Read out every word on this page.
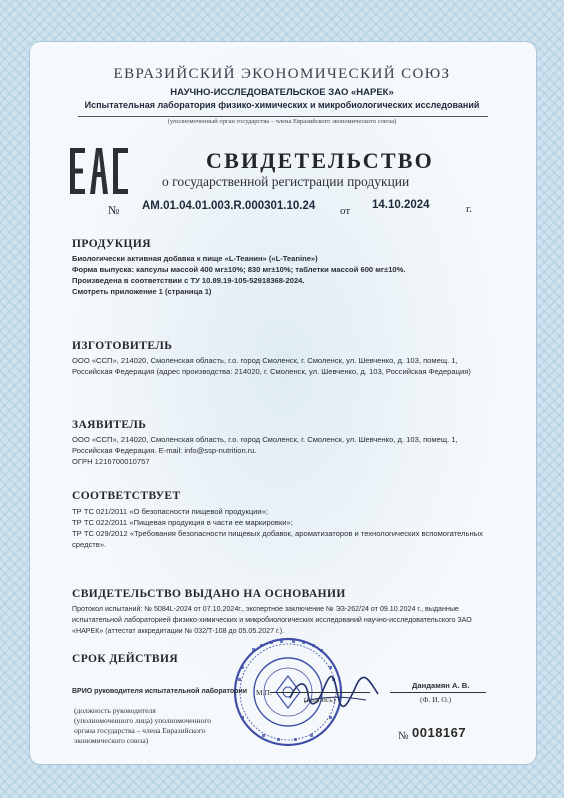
ЕВРАЗИЙСКИЙ ЭКОНОМИЧЕСКИЙ СОЮЗ
НАУЧНО-ИССЛЕДОВАТЕЛЬСКОЕ ЗАО «НАРЕК»
Испытательная лаборатория физико-химических и микробиологических исследований
(уполномоченный орган государства – члена Евразийского экономического союза)
СВИДЕТЕЛЬСТВО
о государственной регистрации продукции
№ AM.01.04.01.003.R.000301.10.24 от 14.10.2024	г.
ПРОДУКЦИЯ
Биологически активная добавка к пище «L-Теанин» («L-Teanine»)
Форма выпуска: капсулы массой 400 мг±10%; 830 мг±10%; таблетки массой 600 мг±10%.
Произведена в соответствии с ТУ 10.89.19-105-52918368-2024.
Смотреть приложение 1 (страница 1)
ИЗГОТОВИТЕЛЬ
ООО «ССП», 214020, Смоленская область, г.о. город Смоленск, г. Смоленск, ул. Шевченко, д. 103, помещ. 1,
Российская Федерация (адрес производства: 214020, г. Смоленск, ул. Шевченко, д. 103, Российская Федерация)
ЗАЯВИТЕЛЬ
ООО «ССП», 214020, Смоленская область, г.о. город Смоленск, г. Смоленск, ул. Шевченко, д. 103, помещ. 1,
Российская Федерация. E-mail: info@ssp-nutrition.ru.
ОГРН 1216700010757
СООТВЕТСТВУЕТ
ТР ТС 021/2011 «О безопасности пищевой продукции»;
ТР ТС 022/2011 «Пищевая продукция в части ее маркировки»;
ТР ТС 029/2012 «Требования безопасности пищевых добавок, ароматизаторов и технологических вспомогательных
средств».
СВИДЕТЕЛЬСТВО ВЫДАНО НА ОСНОВАНИИ
Протокол испытаний: № 5084L-2024 от 07.10.2024г., экспертное заключение № ЭЗ-262/24 от 09.10.2024 г., выданные
испытательной лабораторией физико-химических и микробиологических исследований научно-исследовательского ЗАО
«НАРЕК» (аттестат аккредитации № 032/Т-108 до 05.05.2027 г.).
СРОК ДЕЙСТВИЯ
ВРИО руководителя испытательной лаборатории М.П.
Дандамян А. В.
(подпись)	(Ф. И. О.)
(должность руководителя
(уполномоченного лица) уполномоченного
органа государства – члена Евразийского
экономического союза)	№ 0018167
